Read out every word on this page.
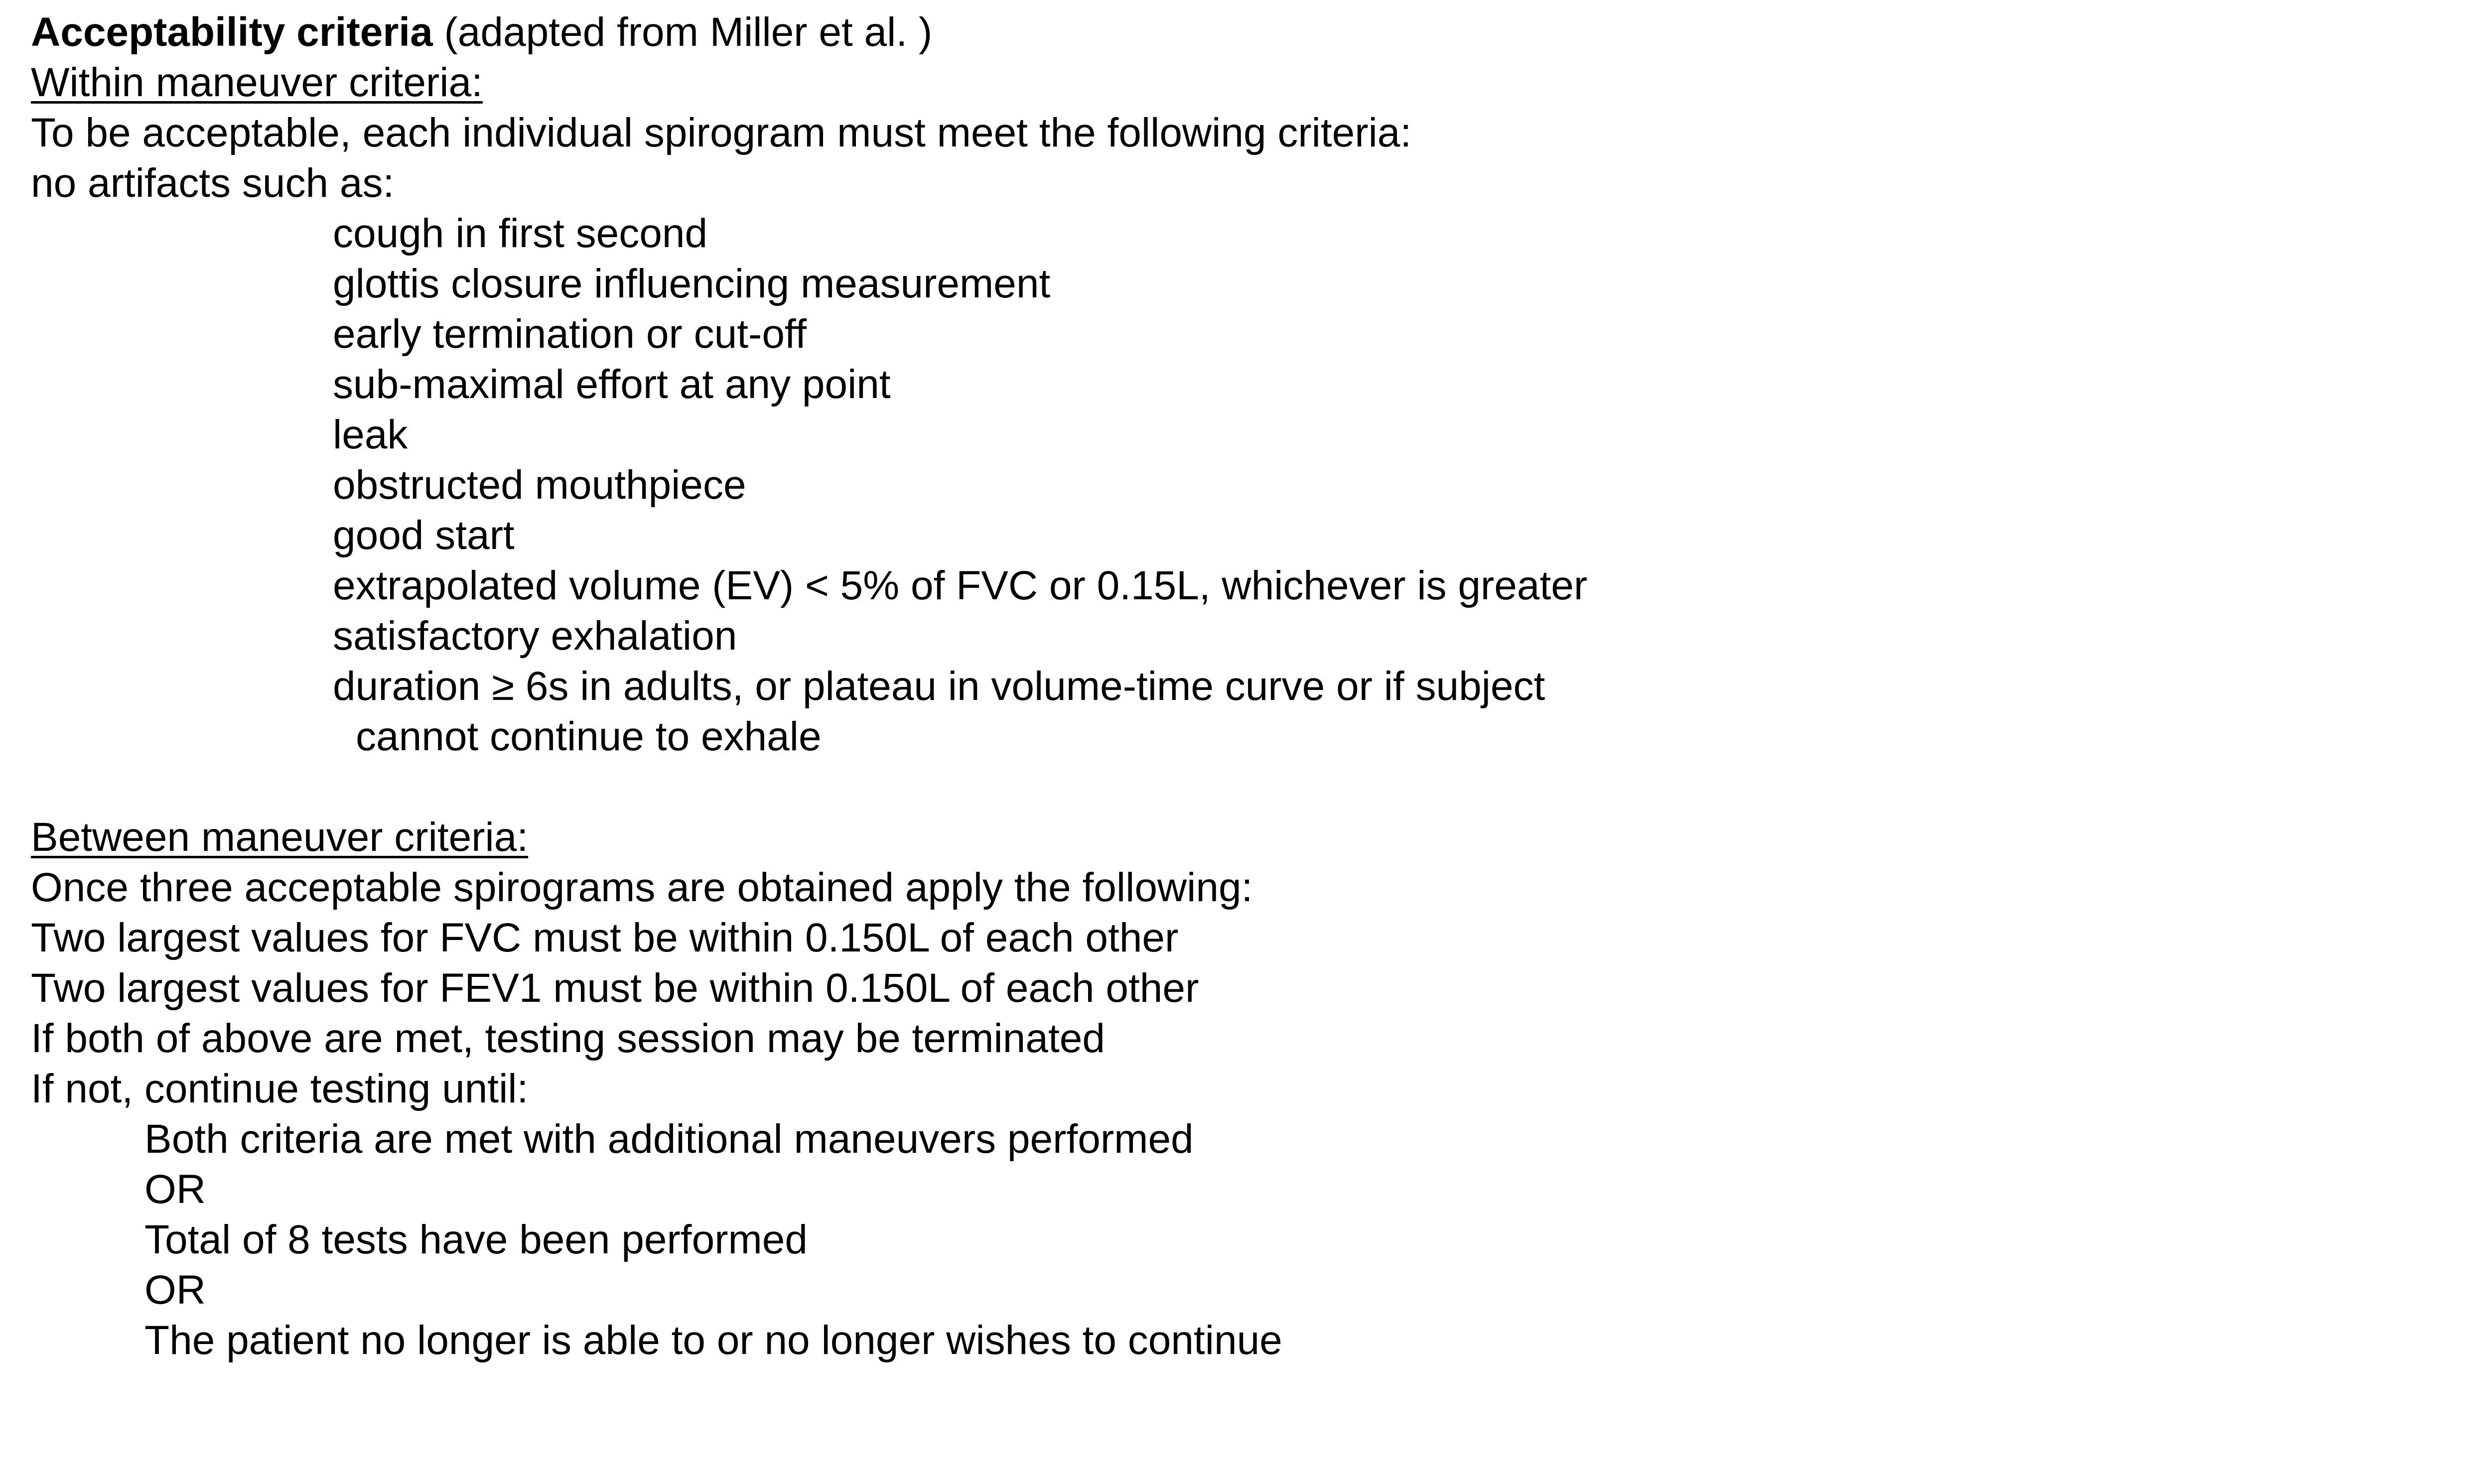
Acceptability criteria (adapted from Miller et al. )
Within maneuver criteria:
To be acceptable, each individual spirogram must meet the following criteria:
no artifacts such as:
cough in first second
glottis closure influencing measurement
early termination or cut-off
sub-maximal effort at any point
leak
obstructed mouthpiece
good start
extrapolated volume (EV) < 5% of FVC or 0.15L, whichever is greater
satisfactory exhalation
duration ≥ 6s in adults, or plateau in volume-time curve or if subject
cannot continue to exhale
Between maneuver criteria:
Once three acceptable spirograms are obtained apply the following:
Two largest values for FVC must be within 0.150L of each other
Two largest values for FEV1 must be within 0.150L of each other
If both of above are met, testing session may be terminated
If not, continue testing until:
Both criteria are met with additional maneuvers performed
OR
Total of 8 tests have been performed
OR
The patient no longer is able to or no longer wishes to continue
